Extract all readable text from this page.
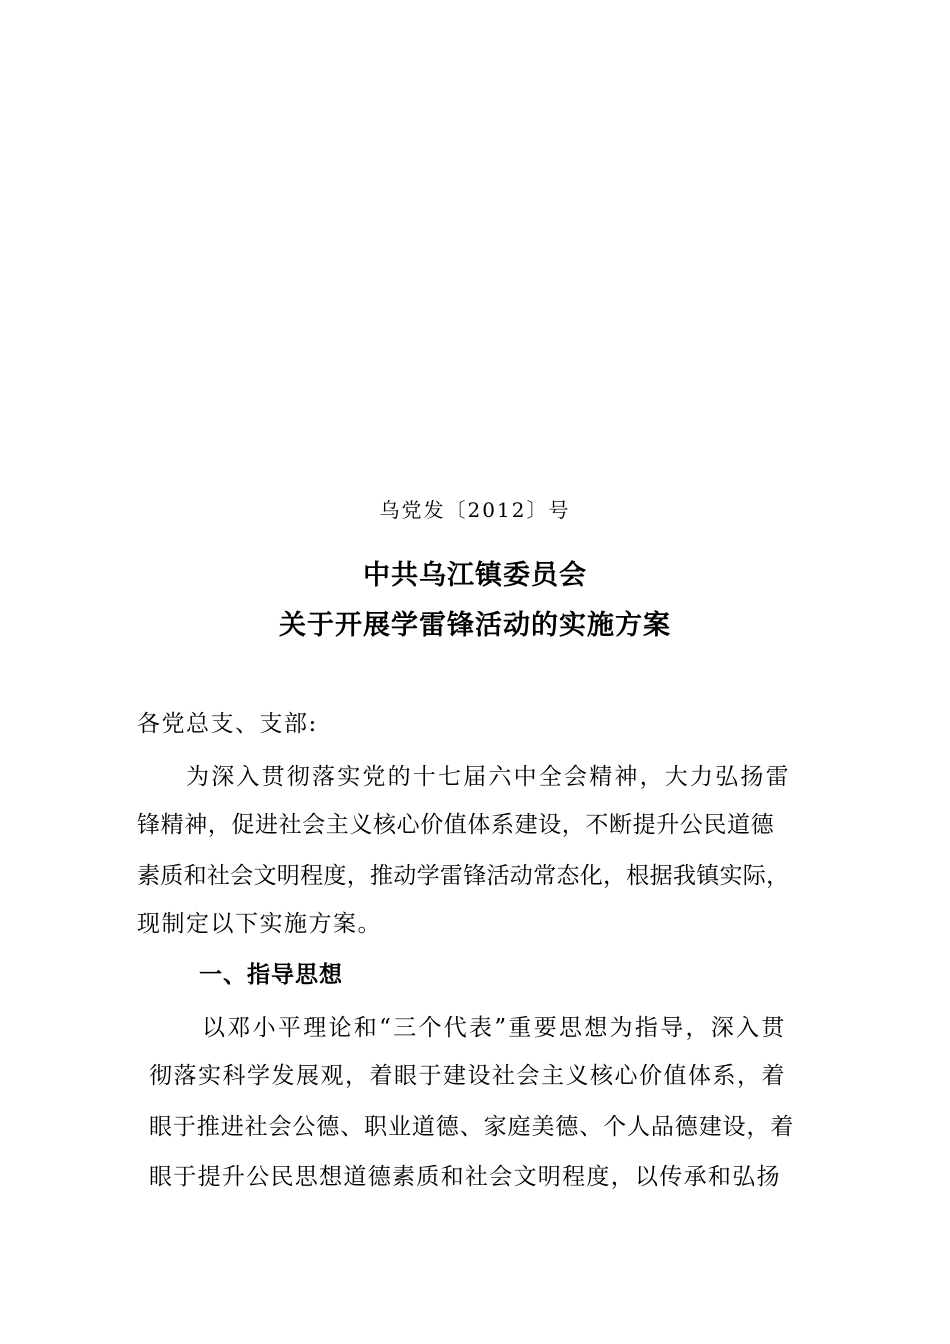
乌党发〔2012〕号
中共乌江镇委员会
关于开展学雷锋活动的实施方案
各党总支、支部:
为深入贯彻落实党的十七届六中全会精神，大力弘扬雷
锋精神，促进社会主义核心价值体系建设，不断提升公民道德
素质和社会文明程度，推动学雷锋活动常态化，根据我镇实际，
现制定以下实施方案。
一、指导思想
以邓小平理论和“三个代表”重要思想为指导，深入贯
彻落实科学发展观，着眼于建设社会主义核心价值体系，着
眼于推进社会公德、职业道德、家庭美德、个人品德建设，着
眼于提升公民思想道德素质和社会文明程度，以传承和弘扬
